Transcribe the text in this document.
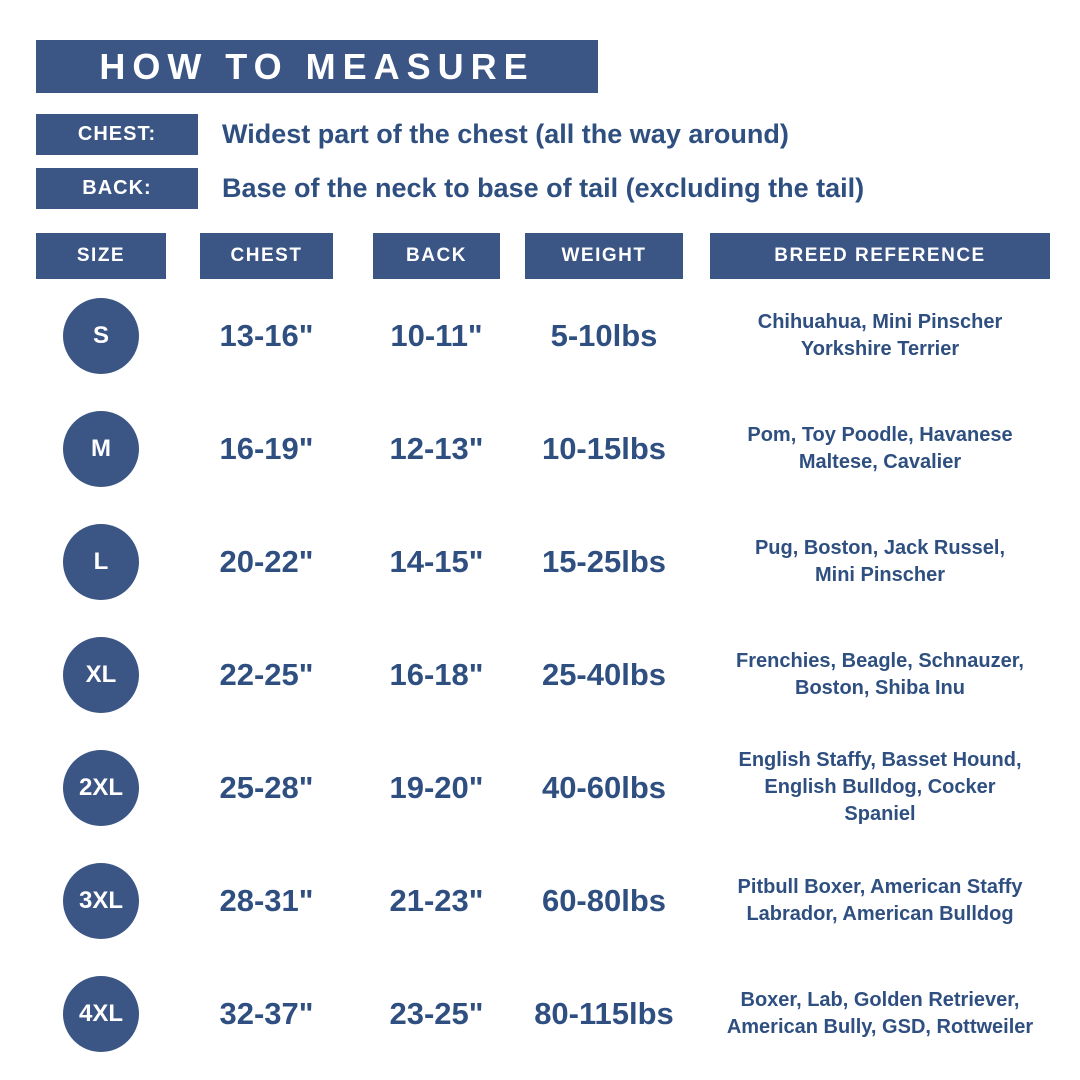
HOW TO MEASURE
CHEST:	Widest part of the chest (all the way around)
BACK:	Base of the neck to base of tail (excluding the tail)
SIZE	CHEST	BACK	WEIGHT	BREED REFERENCE
S	13-16" 10-11" 5-10lbs	Chihuahua, Mini Pinscher
Yorkshire Terrier
M	16-19" 12-13" 10-15lbs	Pom, Toy Poodle, Havanese
Maltese, Cavalier
L	20-22" 14-15" 15-25lbs	Pug, Boston, Jack Russel,
Mini Pinscher
XL	22-25" 16-18" 25-40lbs	Frenchies, Beagle, Schnauzer,
Boston, Shiba Inu
2XL	25-28" 19-20" 40-60lbs
English Staffy, Basset Hound,
English Bulldog, Cocker
Spaniel
3XL	28-31" 21-23" 60-80lbs	Pitbull Boxer, American Staffy
Labrador, American Bulldog
4XL	32-37" 23-25" 80-115lbs	Boxer, Lab, Golden Retriever,
American Bully, GSD, Rottweiler
